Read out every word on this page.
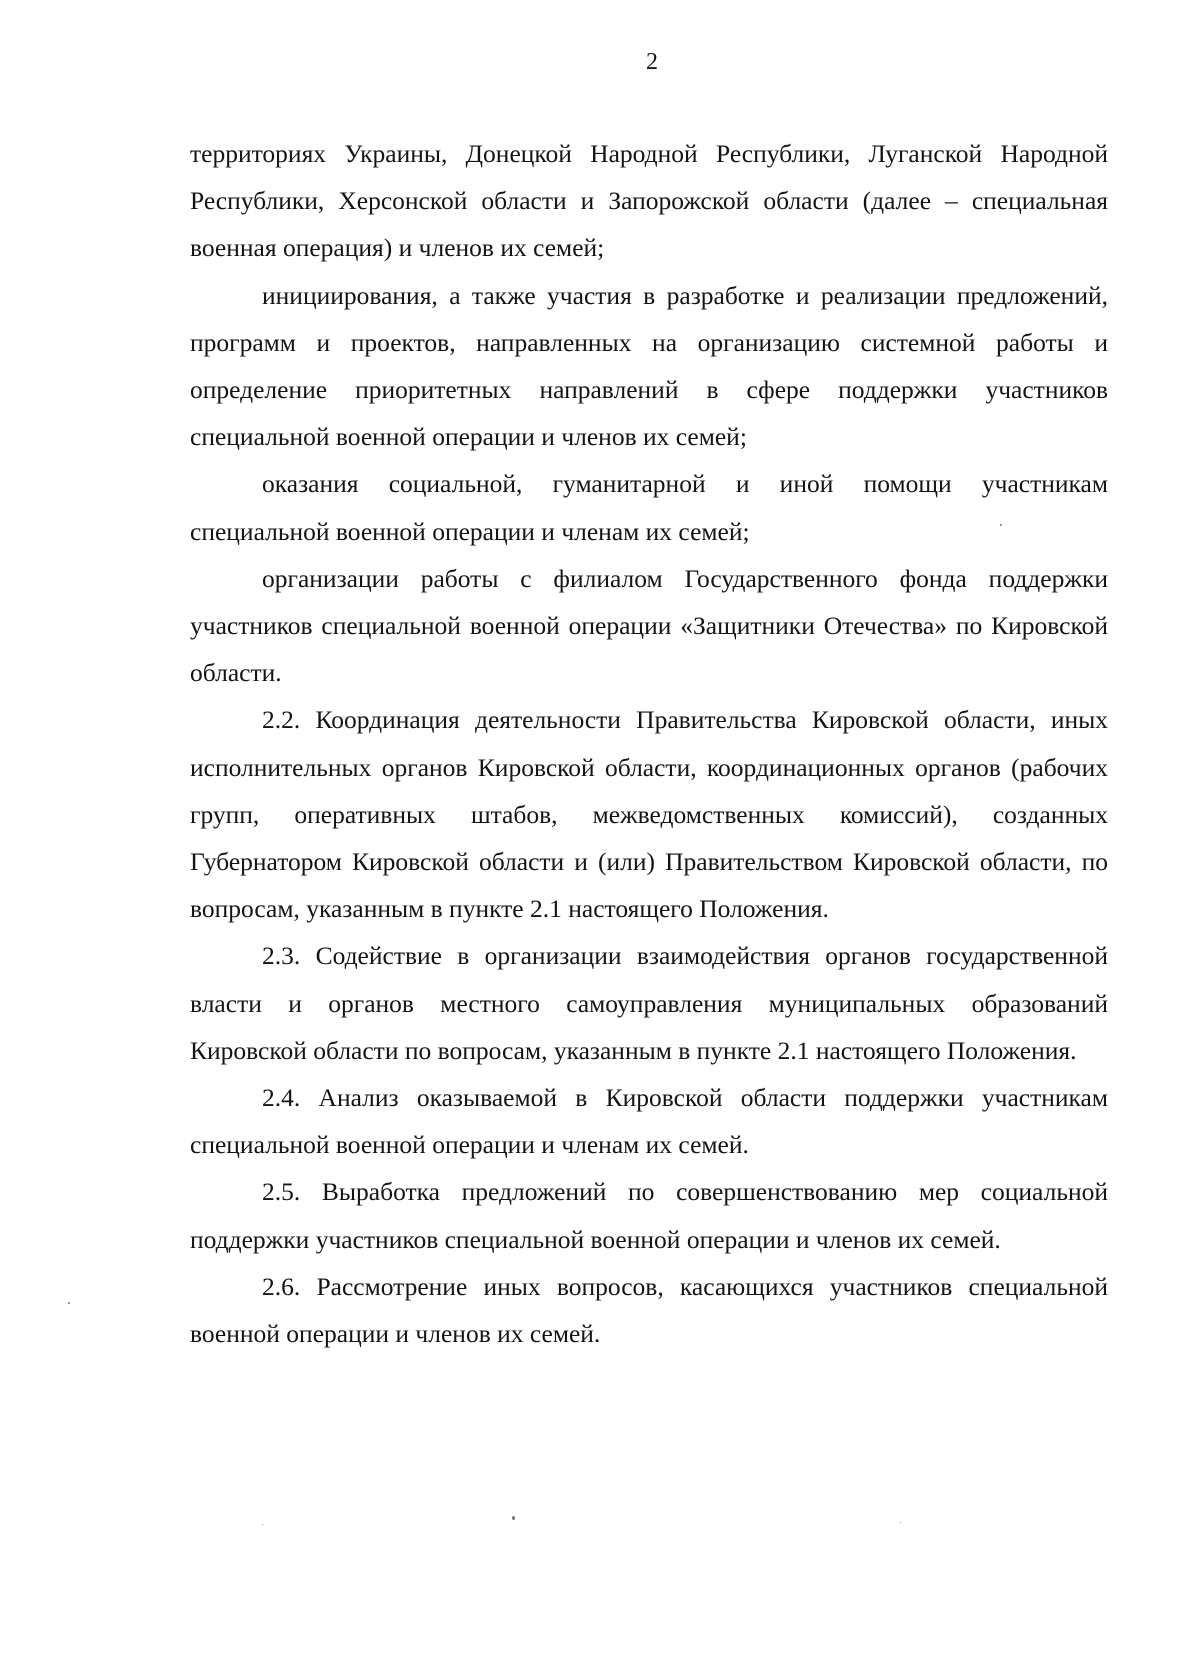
2

территориях Украины, Донецкой Народной Республики, Луганской Народной Республики, Херсонской области и Запорожской области (далее – специальная военная операция) и членов их семей;

инициирования, а также участия в разработке и реализации предложений, программ и проектов, направленных на организацию системной работы и определение приоритетных направлений в сфере поддержки участников специальной военной операции и членов их семей;

оказания социальной, гуманитарной и иной помощи участникам специальной военной операции и членам их семей;

организации работы с филиалом Государственного фонда поддержки участников специальной военной операции «Защитники Отечества» по Кировской области.

2.2. Координация деятельности Правительства Кировской области, иных исполнительных органов Кировской области, координационных органов (рабочих групп, оперативных штабов, межведомственных комиссий), созданных Губернатором Кировской области и (или) Правительством Кировской области, по вопросам, указанным в пункте 2.1 настоящего Положения.

2.3. Содействие в организации взаимодействия органов государственной власти и органов местного самоуправления муниципальных образований Кировской области по вопросам, указанным в пункте 2.1 настоящего Положения.

2.4. Анализ оказываемой в Кировской области поддержки участникам специальной военной операции и членам их семей.

2.5. Выработка предложений по совершенствованию мер социальной поддержки участников специальной военной операции и членов их семей.

2.6. Рассмотрение иных вопросов, касающихся участников специальной военной операции и членов их семей.
